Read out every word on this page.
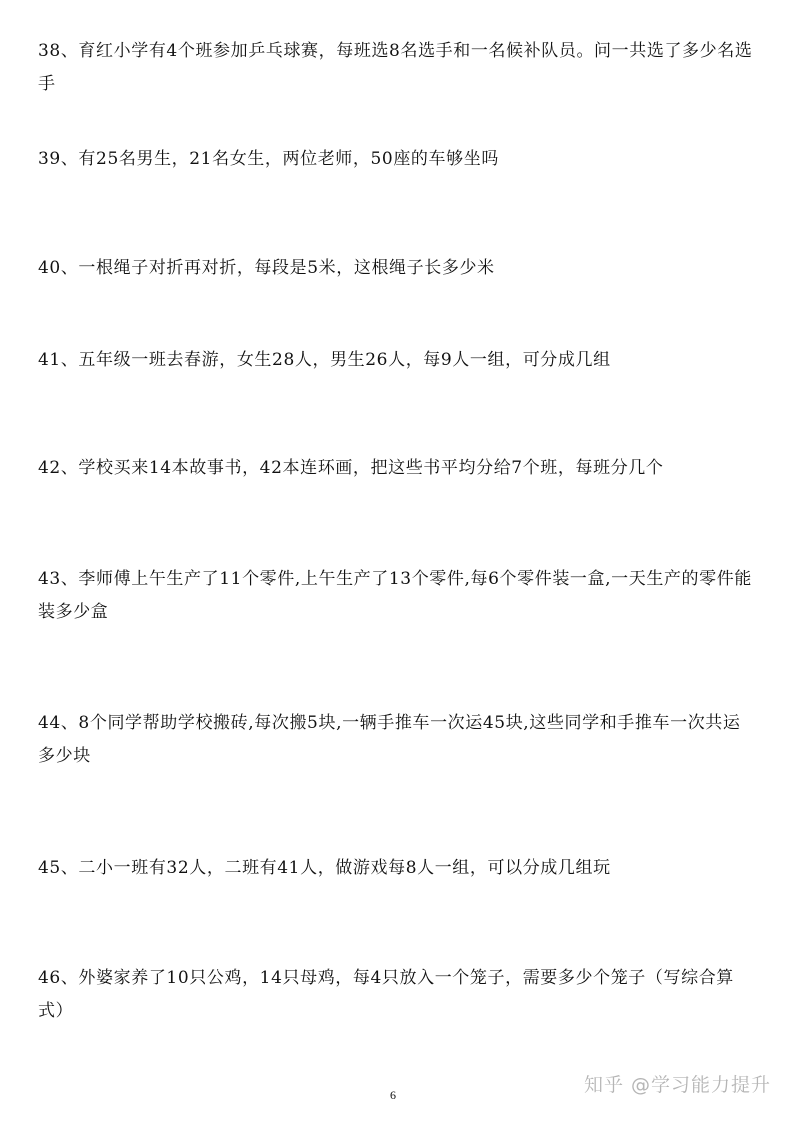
38、育红小学有4个班参加乒乓球赛，每班选8名选手和一名候补队员。问一共选了多少名选手

39、有25名男生，21名女生，两位老师，50座的车够坐吗

40、一根绳子对折再对折，每段是5米，这根绳子长多少米

41、五年级一班去春游，女生28人，男生26人，每9人一组，可分成几组

42、学校买来14本故事书，42本连环画，把这些书平均分给7个班，每班分几个

43、李师傅上午生产了11个零件,上午生产了13个零件,每6个零件装一盒,一天生产的零件能装多少盒

44、8个同学帮助学校搬砖,每次搬5块,一辆手推车一次运45块,这些同学和手推车一次共运多少块

45、二小一班有32人，二班有41人，做游戏每8人一组，可以分成几组玩

46、外婆家养了10只公鸡，14只母鸡，每4只放入一个笼子，需要多少个笼子（写综合算式）

6	知乎 @学习能力提升
